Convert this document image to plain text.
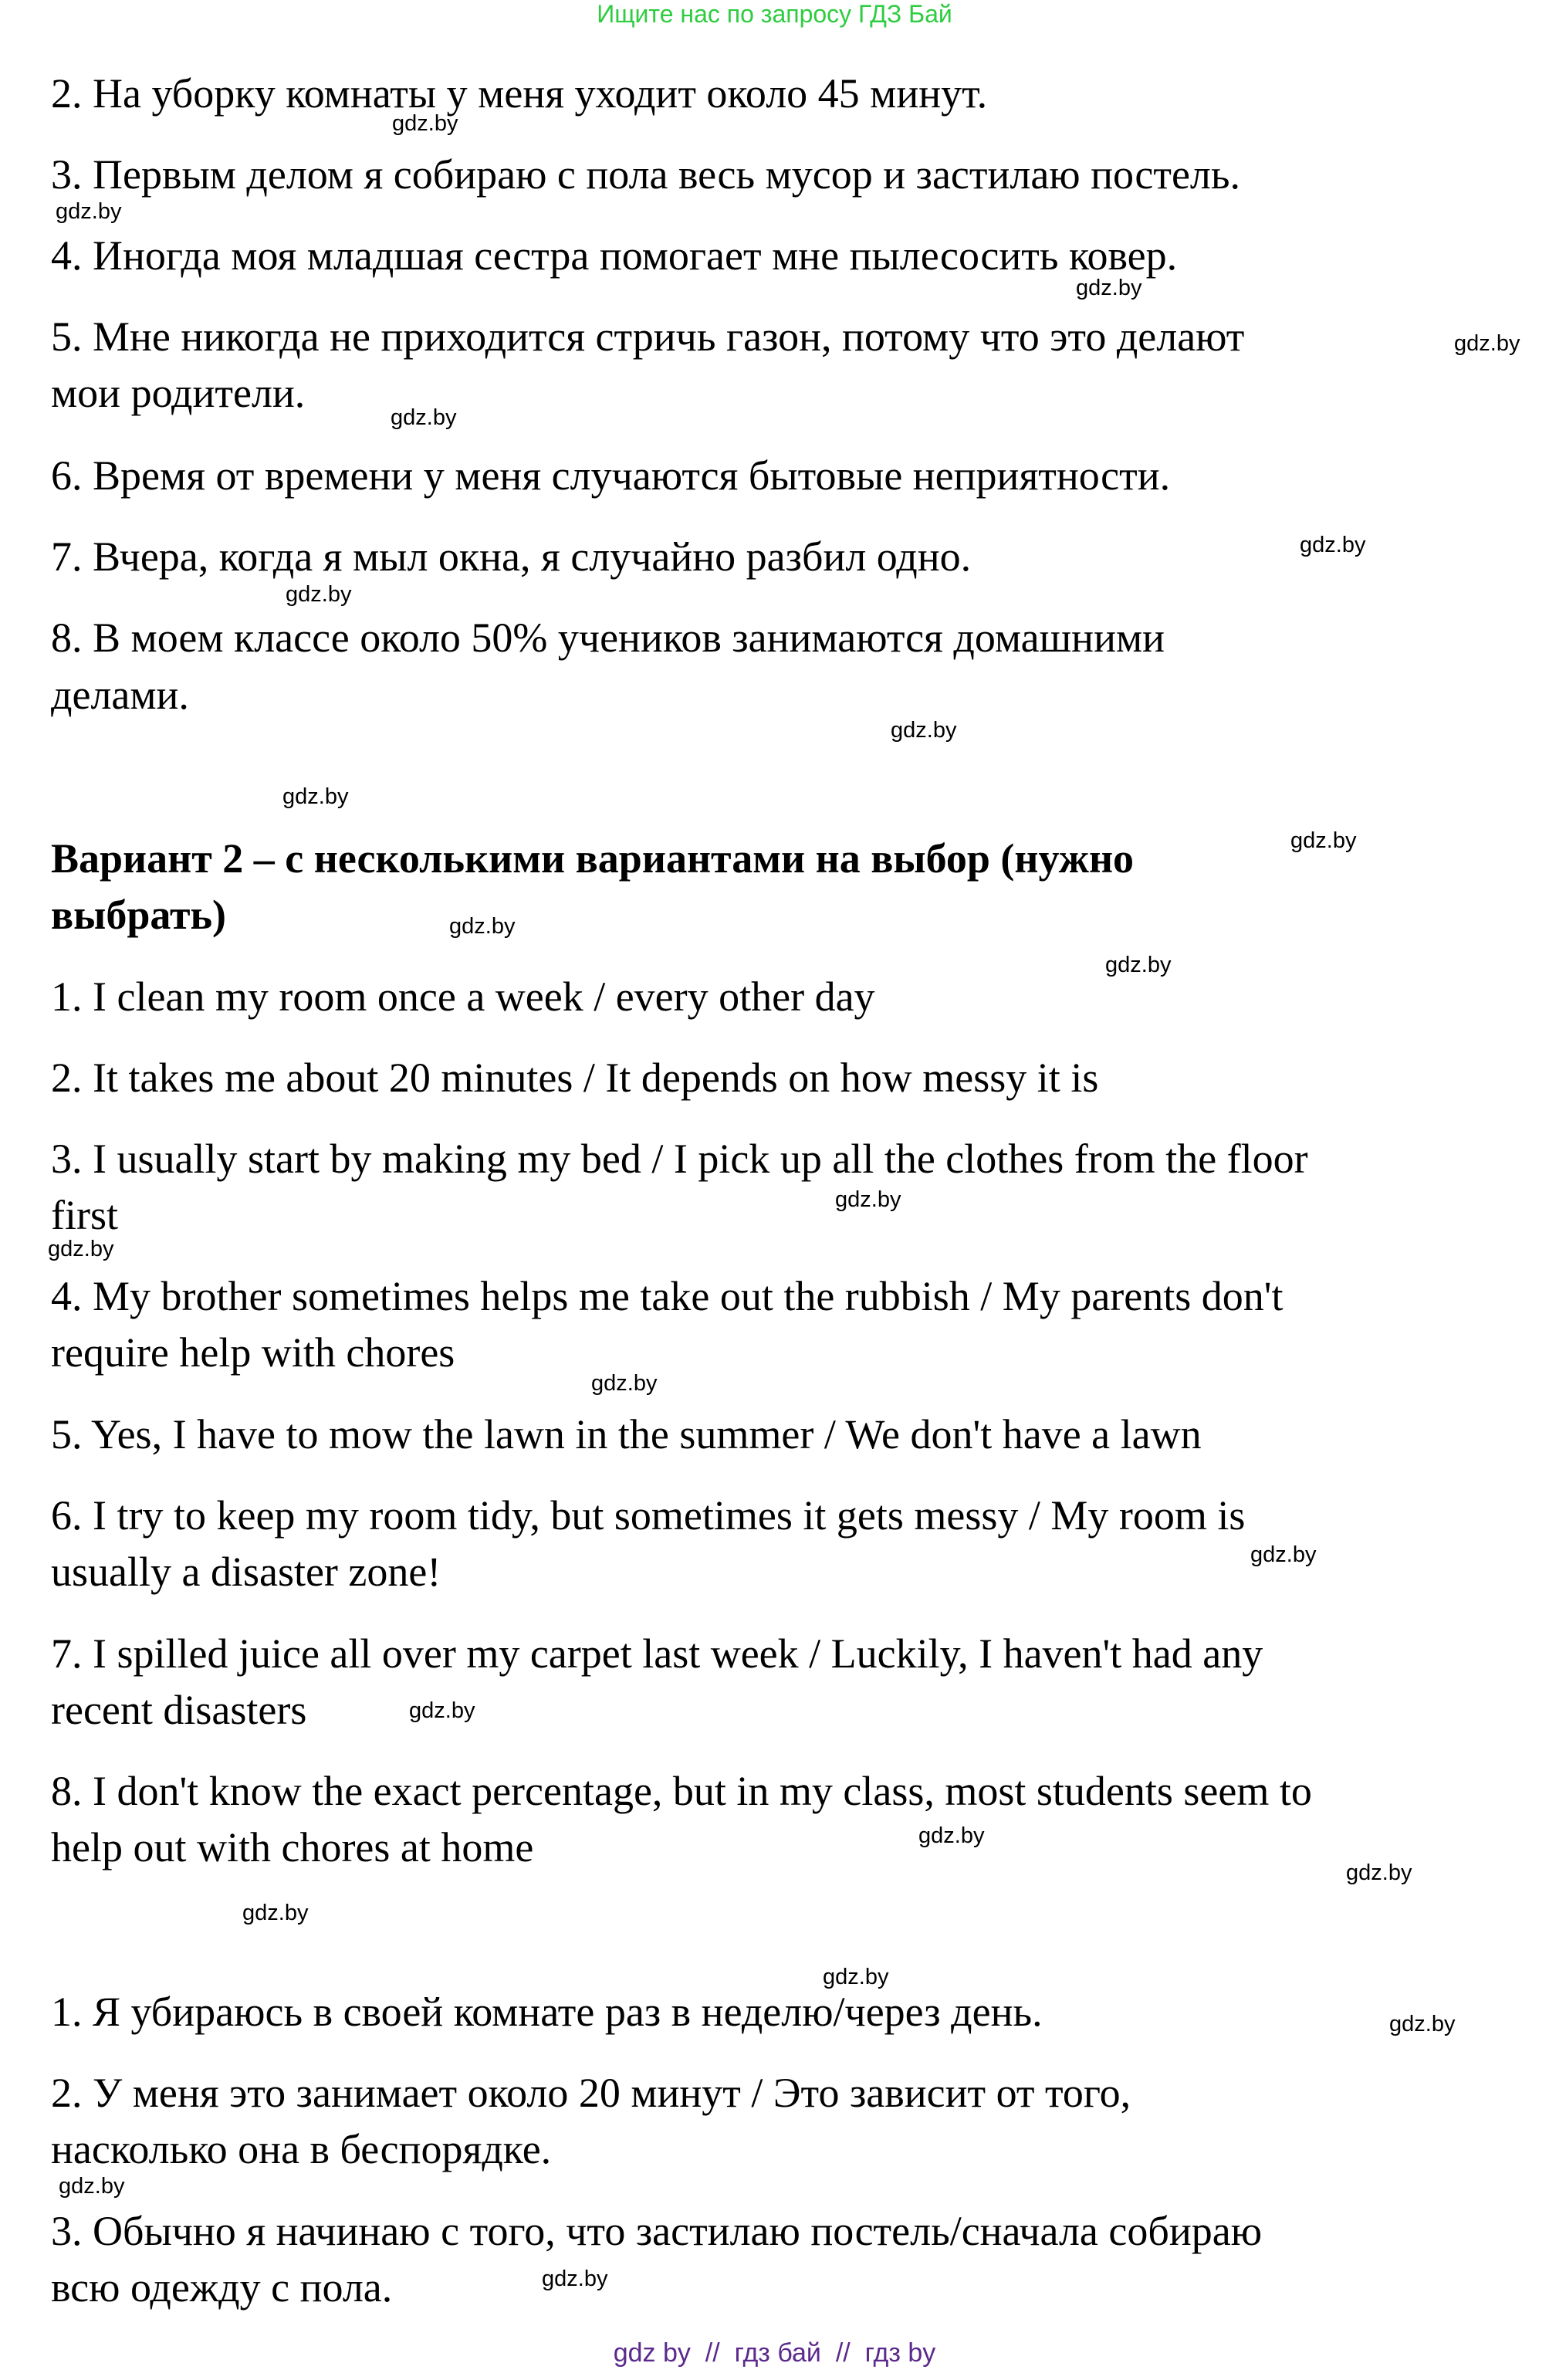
Ищите нас по запросу ГДЗ Бай
2. На уборку комнаты у меня уходит около 45 минут.
3. Первым делом я собираю с пола весь мусор и застилаю постель.
4. Иногда моя младшая сестра помогает мне пылесосить ковер.
5. Мне никогда не приходится стричь газон, потому что это делают
мои родители.
6. Время от времени у меня случаются бытовые неприятности.
7. Вчера, когда я мыл окна, я случайно разбил одно.
8. В моем классе около 50% учеников занимаются домашними
делами.
Вариант 2 – с несколькими вариантами на выбор (нужно
выбрать)
1. I clean my room once a week / every other day
2. It takes me about 20 minutes / It depends on how messy it is
3. I usually start by making my bed / I pick up all the clothes from the floor
first
4. My brother sometimes helps me take out the rubbish / My parents don't
require help with chores
5. Yes, I have to mow the lawn in the summer / We don't have a lawn
6. I try to keep my room tidy, but sometimes it gets messy / My room is
usually a disaster zone!
7. I spilled juice all over my carpet last week / Luckily, I haven't had any
recent disasters
8. I don't know the exact percentage, but in my class, most students seem to
help out with chores at home
1. Я убираюсь в своей комнате раз в неделю/через день.
2. У меня это занимает около 20 минут / Это зависит от того,
насколько она в беспорядке.
3. Обычно я начинаю с того, что застилаю постель/сначала собираю
всю одежду с пола.
gdz.by
gdz.by
gdz.by
gdz.by
gdz.by
gdz.by
gdz.by
gdz.by
gdz.by
gdz.by
gdz.by
gdz.by
gdz.by
gdz.by
gdz.by
gdz.by
gdz.by
gdz.by
gdz.by
gdz.by
gdz.by
gdz.by
gdz.by
gdz.by
gdz by  //  гдз бай  //  гдз by
